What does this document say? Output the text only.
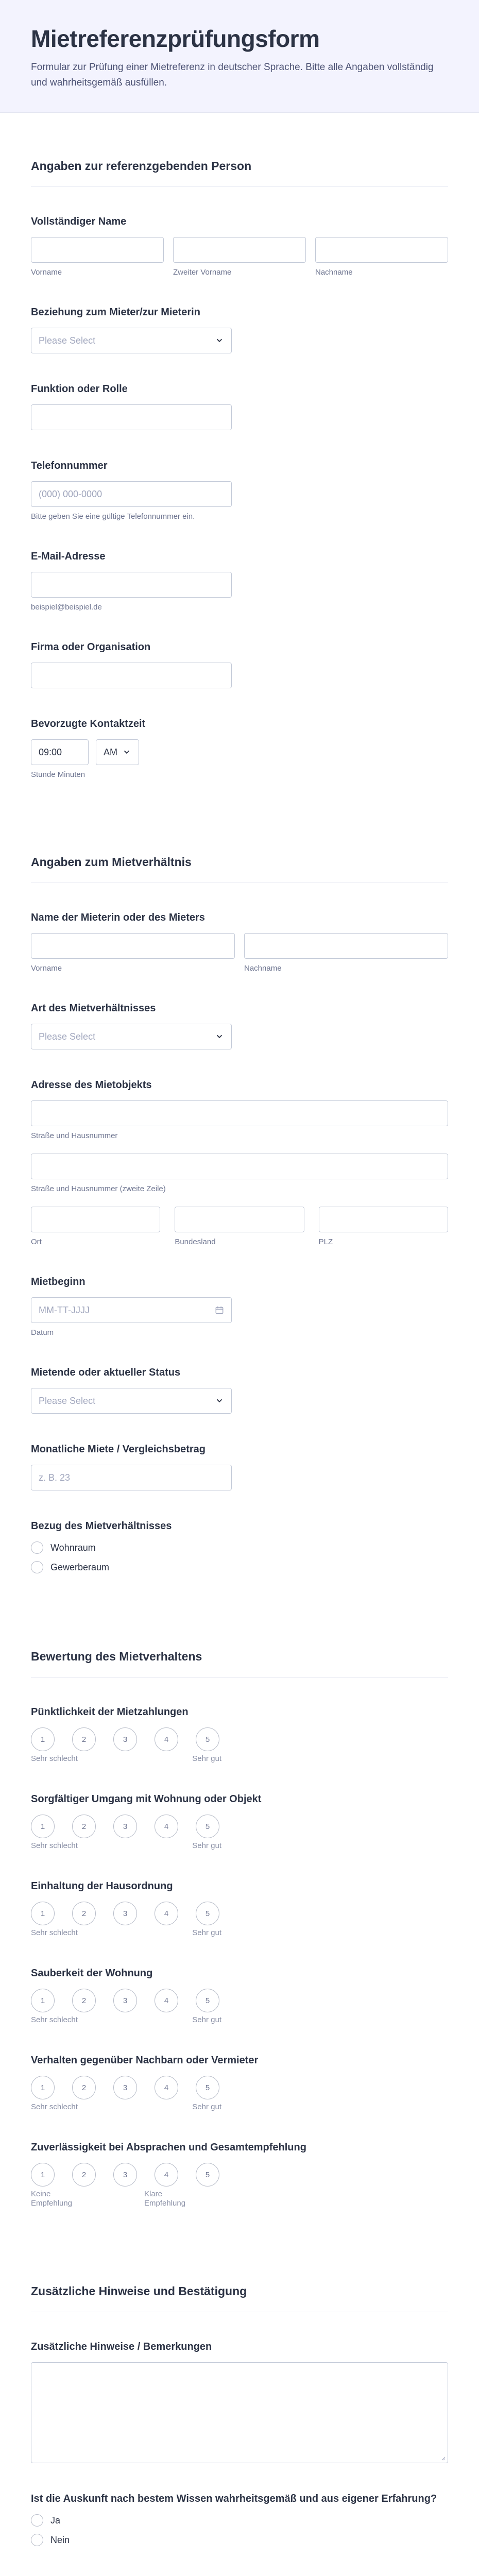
Mietreferenzprüfungsform

Formular zur Prüfung einer Mietreferenz in deutscher Sprache. Bitte alle Angaben vollständig und wahrheitsgemäß ausfüllen.

Angaben zur referenzgebenden Person
Vollständiger Name
Vorname	Zweiter Vorname	Nachname
Beziehung zum Mieter/zur Mieterin
Please Select
Funktion oder Rolle
Telefonnummer
(000) 000-0000
Bitte geben Sie eine gültige Telefonnummer ein.
E-Mail-Adresse
beispiel@beispiel.de
Firma oder Organisation
Bevorzugte Kontaktzeit
09:00	AM
Stunde Minuten
Angaben zum Mietverhältnis
Name der Mieterin oder des Mieters
Vorname	Nachname
Art des Mietverhältnisses
Please Select
Adresse des Mietobjekts
Straße und Hausnummer
Straße und Hausnummer (zweite Zeile)
Ort	Bundesland	PLZ
Mietbeginn
MM-TT-JJJJ
Datum
Mietende oder aktueller Status
Please Select
Monatliche Miete / Vergleichsbetrag
z. B. 23
Bezug des Mietverhältnisses
Wohnraum
Gewerberaum
Bewertung des Mietverhaltens
Pünktlichkeit der Mietzahlungen
1	2	3	4	5
Sehr schlecht	Sehr gut
Sorgfältiger Umgang mit Wohnung oder Objekt
1	2	3	4	5
Sehr schlecht	Sehr gut
Einhaltung der Hausordnung
1	2	3	4	5
Sehr schlecht	Sehr gut
Sauberkeit der Wohnung
1	2	3	4	5
Sehr schlecht	Sehr gut
Verhalten gegenüber Nachbarn oder Vermieter
1	2	3	4	5
Sehr schlecht	Sehr gut
Zuverlässigkeit bei Absprachen und Gesamtempfehlung
1	2	3	4	5
Keine Empfehlung
Klare Empfehlung
Zusätzliche Hinweise und Bestätigung
Zusätzliche Hinweise / Bemerkungen
Ist die Auskunft nach bestem Wissen wahrheitsgemäß und aus eigener Erfahrung?
Ja
Nein
